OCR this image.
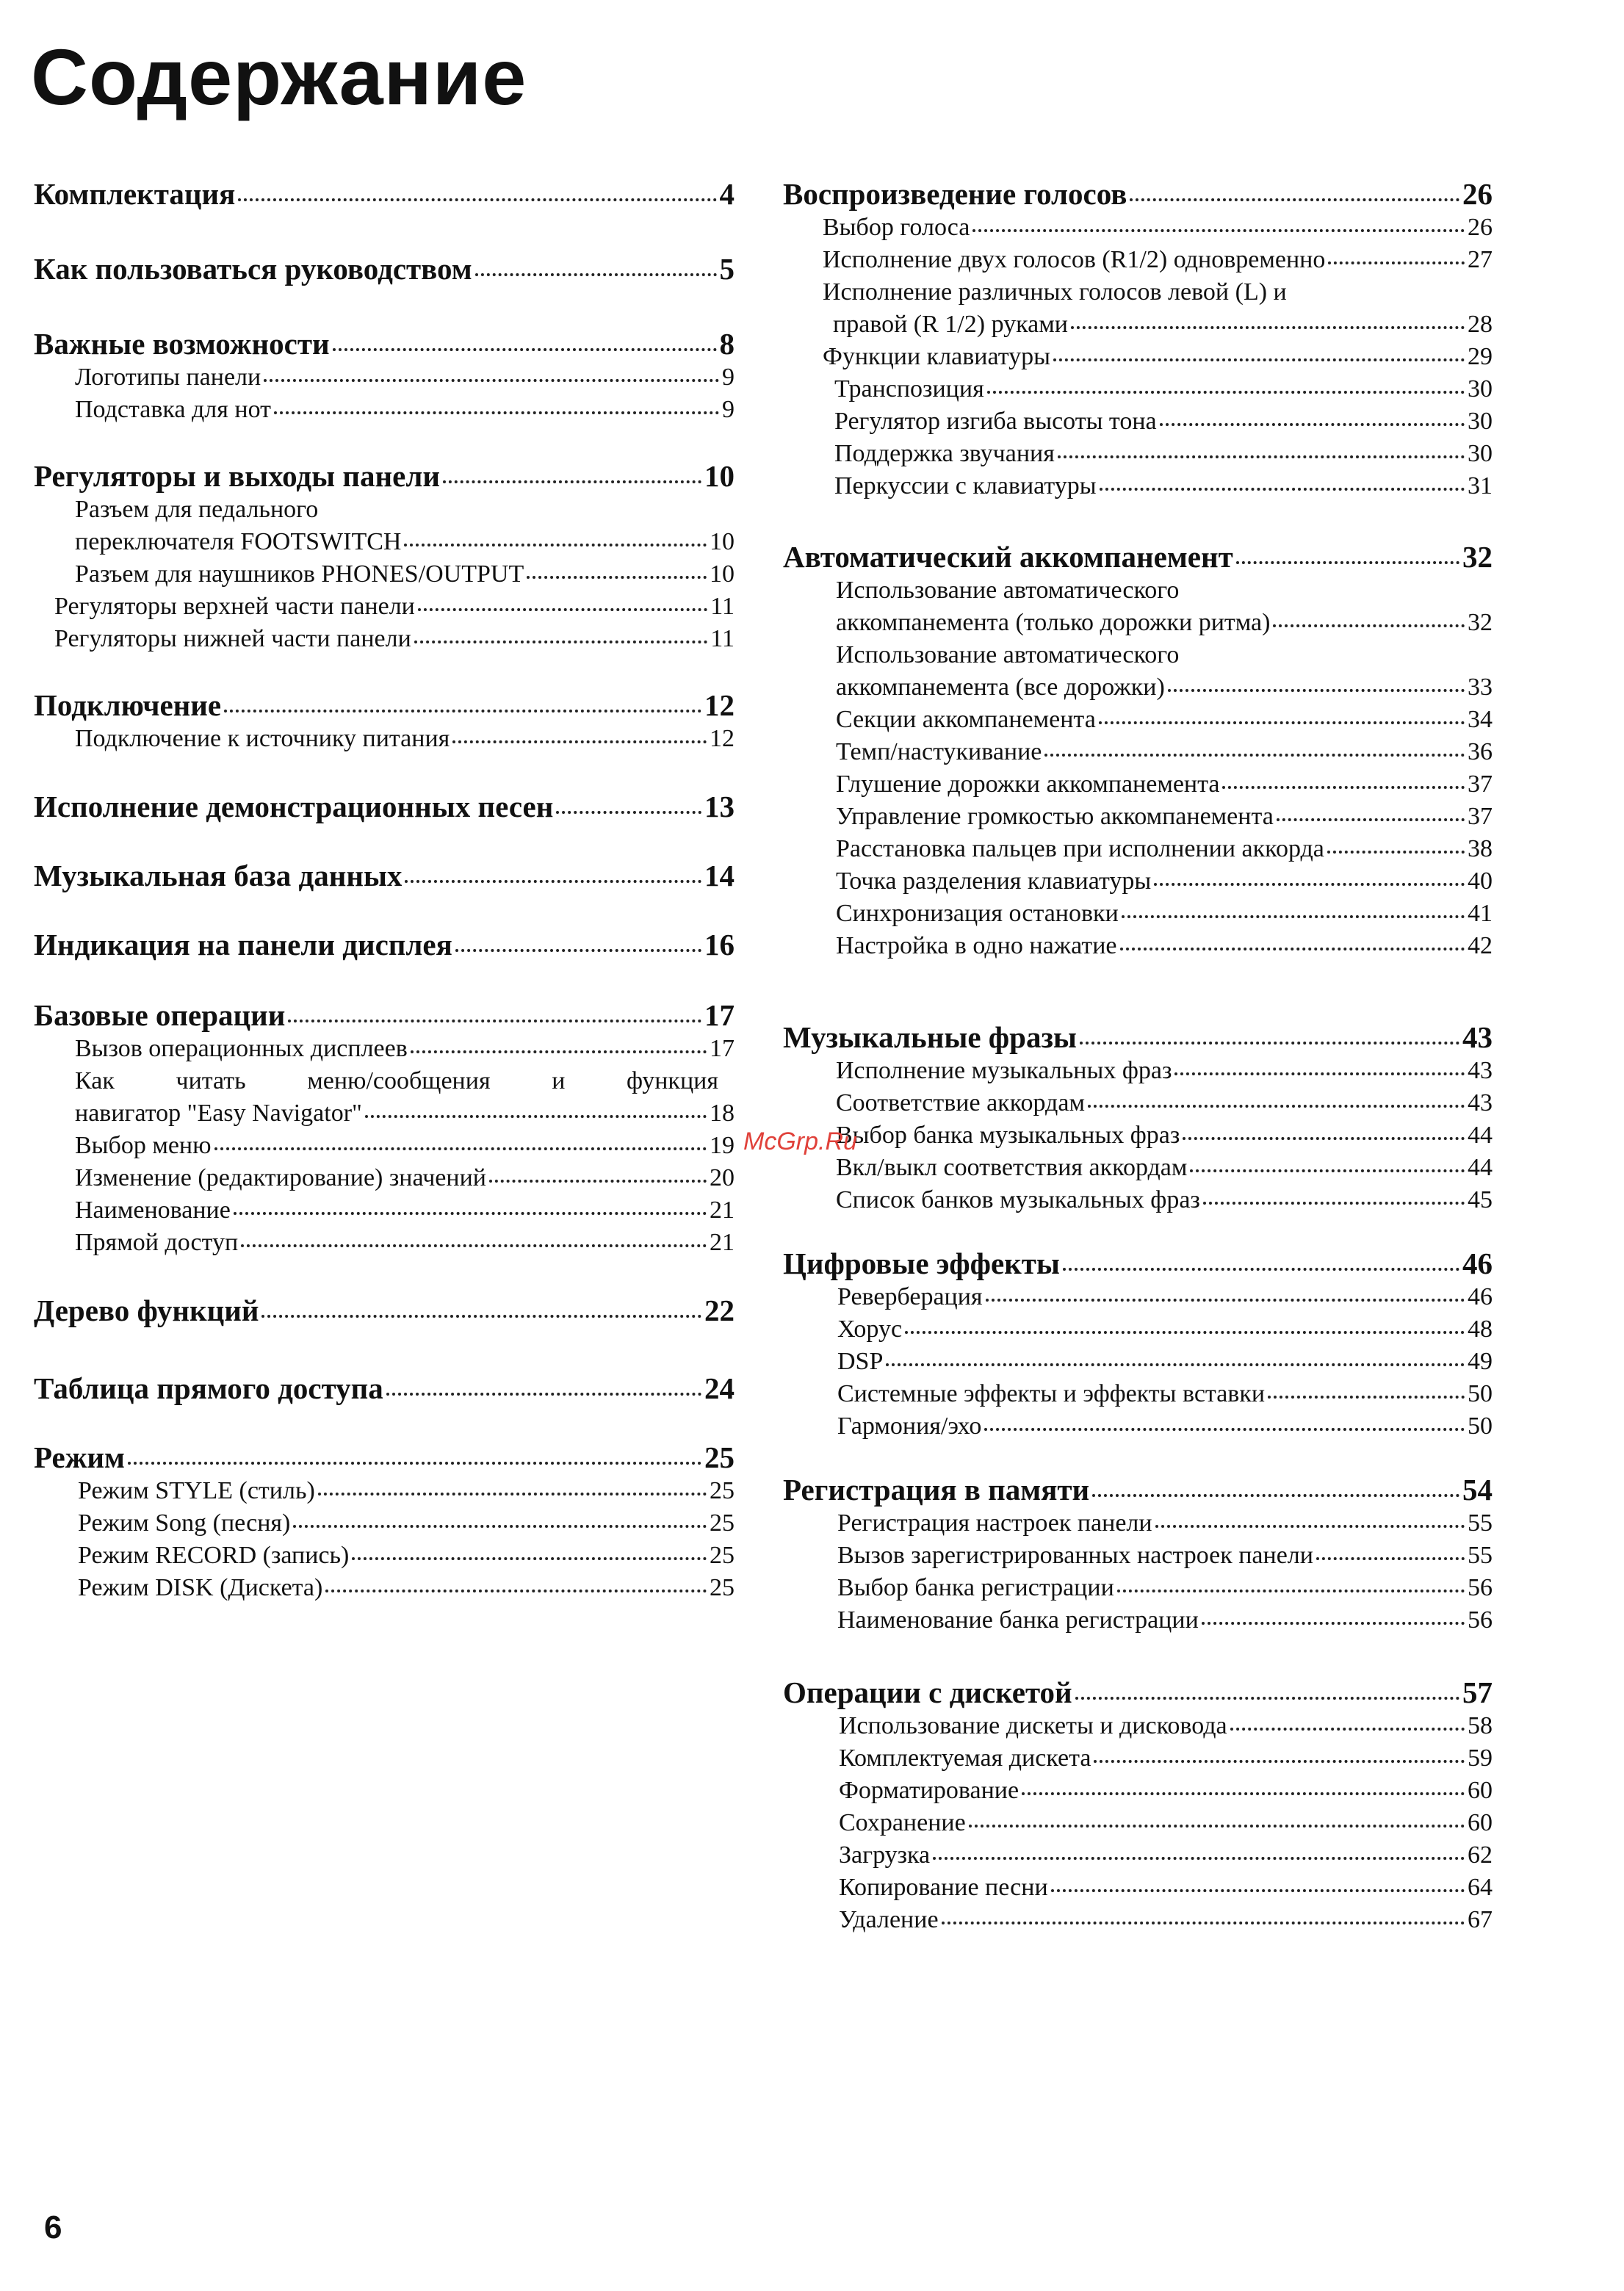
Содержание
Комплектация	4
Как пользоваться руководством	5
Важные возможности	8
Логотипы панели	9
Подставка для нот	9
Регуляторы и выходы панели	10
Разъем для педального
переключателя FOOTSWITCH	10
Разъем для наушников PHONES/OUTPUT	10
Регуляторы верхней части панели	11
Регуляторы нижней части панели	11
Подключение	12
Подключение к источнику питания	12
Исполнение демонстрационных песен	13
Музыкальная база данных	14
Индикация на панели дисплея	16
Базовые операции	17
Вызов операционных дисплеев	17
Как читать меню/сообщения и функция
навигатор "Easy Navigator"	18
Выбор меню	19
Изменение (редактирование) значений	20
Наименование	21
Прямой доступ	21
Дерево функций	22
Таблица прямого доступа	24
Режим	25
Режим STYLE (стиль)	25
Режим Song (песня)	25
Режим RECORD (запись)	25
Режим DISK (Дискета)	25
Воспроизведение голосов	26
Выбор голоса	26
Исполнение двух голосов (R1/2) одновременно	27
Исполнение различных голосов левой (L) и
правой (R 1/2) руками	28
Функции клавиатуры	29
Транспозиция	30
Регулятор изгиба высоты тона	30
Поддержка звучания	30
Перкуссии с клавиатуры	31
Автоматический аккомпанемент	32
Использование автоматического
аккомпанемента (только дорожки ритма)	32
Использование автоматического
аккомпанемента (все дорожки)	33
Секции аккомпанемента	34
Темп/настукивание	36
Глушение дорожки аккомпанемента	37
Управление громкостью аккомпанемента	37
Расстановка пальцев при исполнении аккорда	38
Точка разделения клавиатуры	40
Синхронизация остановки	41
Настройка в одно нажатие	42
Музыкальные фразы	43
Исполнение музыкальных фраз	43
Соответствие аккордам	43
Выбор банка музыкальных фраз	44
Вкл/выкл соответствия аккордам	44
Список банков музыкальных фраз	45
Цифровые эффекты	46
Реверберация	46
Хорус	48
DSP	49
Системные эффекты и эффекты вставки	50
Гармония/эхо	50
Регистрация в памяти	54
Регистрация настроек панели	55
Вызов зарегистрированных настроек панели	55
Выбор банка регистрации	56
Наименование банка регистрации	56
Операции с дискетой	57
Использование дискеты и дисковода	58
Комплектуемая дискета	59
Форматирование	60
Сохранение	60
Загрузка	62
Копирование песни	64
Удаление	67
McGrp.Ru
6
